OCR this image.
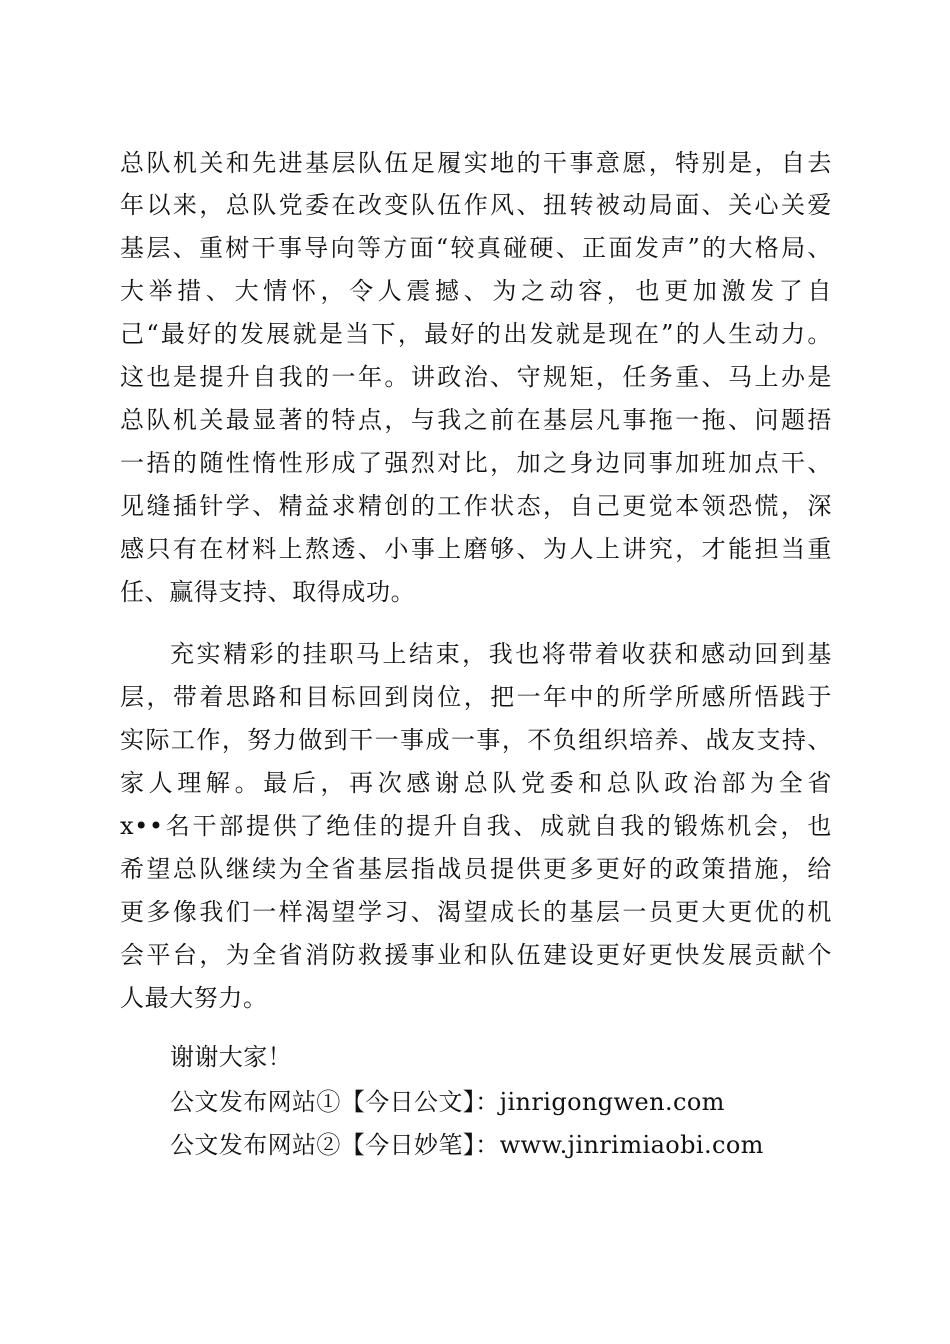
总队机关和先进基层队伍足履实地的干事意愿，特别是，自去
年以来，总队党委在改变队伍作风、扭转被动局面、关心关爱
基层、重树干事导向等方面“较真碰硬、正面发声”的大格局、
大举措、大情怀，令人震撼、为之动容，也更加激发了自
己“最好的发展就是当下，最好的出发就是现在”的人生动力。
这也是提升自我的一年。讲政治、守规矩，任务重、马上办是
总队机关最显著的特点，与我之前在基层凡事拖一拖、问题捂
一捂的随性惰性形成了强烈对比，加之身边同事加班加点干、
见缝插针学、精益求精创的工作状态，自己更觉本领恐慌，深
感只有在材料上熬透、小事上磨够、为人上讲究，才能担当重
任、赢得支持、取得成功。
充实精彩的挂职马上结束，我也将带着收获和感动回到基
层，带着思路和目标回到岗位，把一年中的所学所感所悟践于
实际工作，努力做到干一事成一事，不负组织培养、战友支持、
家人理解。最后，再次感谢总队党委和总队政治部为全省
x••名干部提供了绝佳的提升自我、成就自我的锻炼机会，也
希望总队继续为全省基层指战员提供更多更好的政策措施，给
更多像我们一样渴望学习、渴望成长的基层一员更大更优的机
会平台，为全省消防救援事业和队伍建设更好更快发展贡献个
人最大努力。
谢谢大家！
公文发布网站①【今日公文】：jinrigongwen.com
公文发布网站②【今日妙笔】：www.jinrimiaobi.com
